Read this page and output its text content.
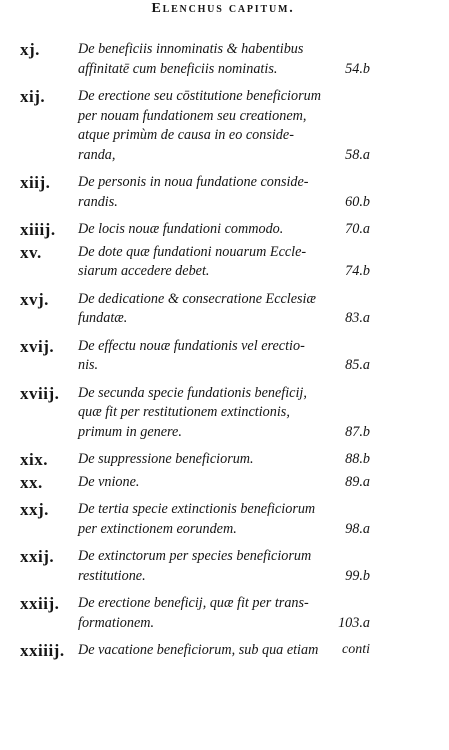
Elenchus capitum.
xj.	De beneficiis innominatis & habentibus
affinitatē cum beneficiis nominatis.	54.b
xij. De erectione seu cōstitutione beneficiorum
per nouam fundationem seu creationem,
atque primùm de causa in eo conside-
randa,	58.a
xiij. De personis in noua fundatione conside-
randis.	60.b
xiiij. De locis nouæ fundationi commodo.	70.a
xv.	De dote quæ fundationi nouarum Eccle-
siarum accedere debet.	74.b
xvj. De dedicatione & consecratione Ecclesiæ
fundatæ.	83.a
xvij. De effectu nouæ fundationis vel erectio-
nis.	85.a
xviij. De secunda specie fundationis beneficij,
quæ fit per restitutionem extinctionis,
primum in genere.	87.b
xix. De suppressione beneficiorum.	88.b
xx. De vnione.	89.a
xxj. De tertia specie extinctionis beneficiorum
per extinctionem eorundem.	98.a
xxij. De extinctorum per species beneficiorum
restitutione.	99.b
xxiij. De erectione beneficij, quæ fit per trans-
formationem.	103.a
xxiiij. De vacatione beneficiorum, sub qua etiam	conti
